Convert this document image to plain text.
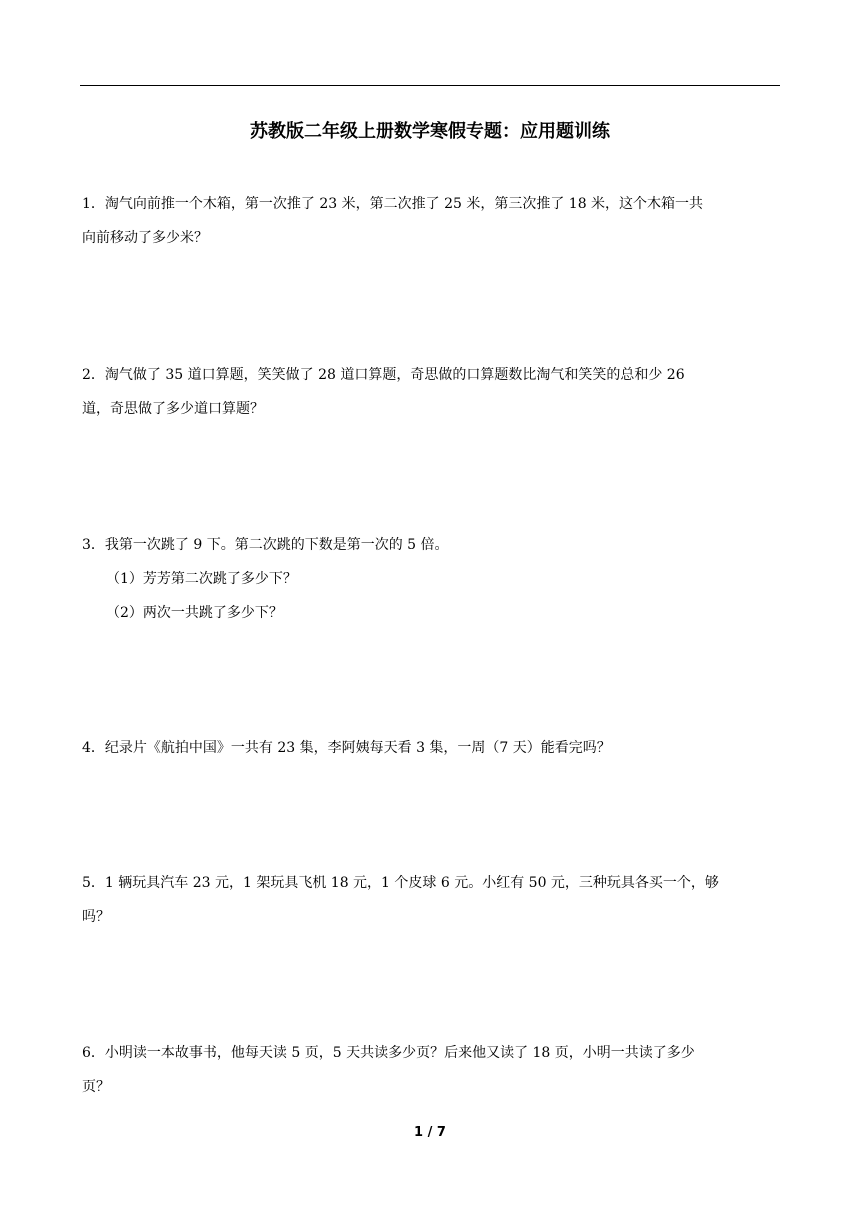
苏教版二年级上册数学寒假专题：应用题训练
1．淘气向前推一个木箱，第一次推了 23 米，第二次推了 25 米，第三次推了 18 米，这个木箱一共
向前移动了多少米？
2．淘气做了 35 道口算题，笑笑做了 28 道口算题，奇思做的口算题数比淘气和笑笑的总和少 26
道，奇思做了多少道口算题？
3．我第一次跳了 9 下。第二次跳的下数是第一次的 5 倍。
（1）芳芳第二次跳了多少下？
（2）两次一共跳了多少下？
4．纪录片《航拍中国》一共有 23 集，李阿姨每天看 3 集，一周（7 天）能看完吗？
5．1 辆玩具汽车 23 元，1 架玩具飞机 18 元，1 个皮球 6 元。小红有 50 元，三种玩具各买一个，够
吗？
6．小明读一本故事书，他每天读 5 页，5 天共读多少页？后来他又读了 18 页，小明一共读了多少
页？
1 / 7
